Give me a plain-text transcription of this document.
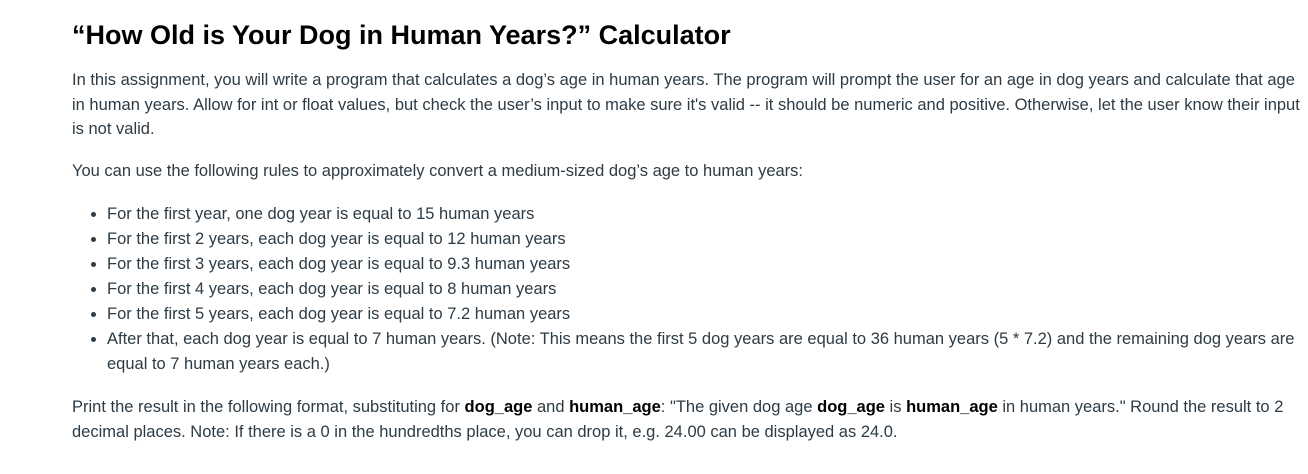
“How Old is Your Dog in Human Years?” Calculator

In this assignment, you will write a program that calculates a dog’s age in human years. The program will prompt the user for an age in dog years and calculate that age in human years. Allow for int or float values, but check the user’s input to make sure it's valid -- it should be numeric and positive. Otherwise, let the user know their input is not valid.

You can use the following rules to approximately convert a medium-sized dog’s age to human years:

• For the first year, one dog year is equal to 15 human years
• For the first 2 years, each dog year is equal to 12 human years
• For the first 3 years, each dog year is equal to 9.3 human years
• For the first 4 years, each dog year is equal to 8 human years
• For the first 5 years, each dog year is equal to 7.2 human years
• After that, each dog year is equal to 7 human years. (Note: This means the first 5 dog years are equal to 36 human years (5 * 7.2) and the remaining dog years are equal to 7 human years each.)

Print the result in the following format, substituting for dog_age and human_age: "The given dog age dog_age is human_age in human years." Round the result to 2 decimal places. Note: If there is a 0 in the hundredths place, you can drop it, e.g. 24.00 can be displayed as 24.0.
